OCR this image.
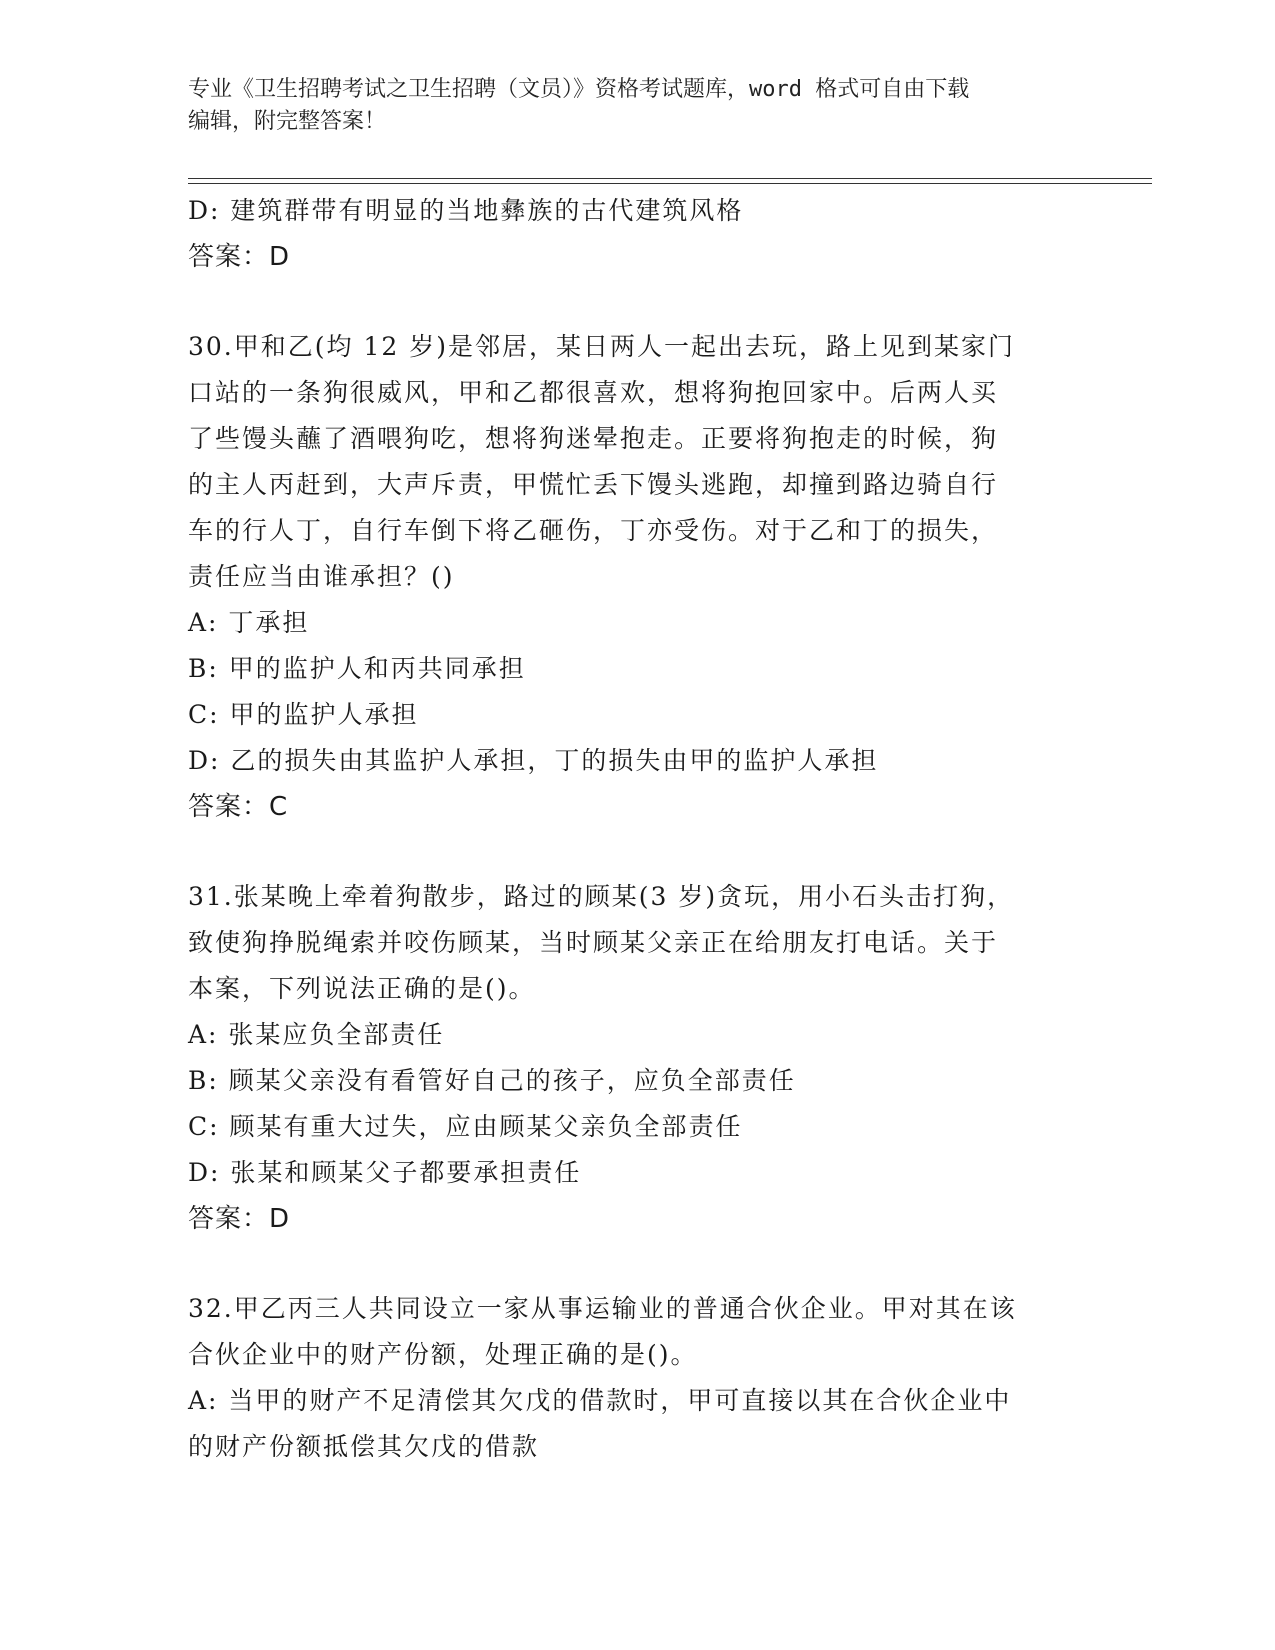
专业《卫生招聘考试之卫生招聘（文员）》资格考试题库，word 格式可自由下载
编辑，附完整答案！
D: 建筑群带有明显的当地彝族的古代建筑风格
答案：D
30.甲和乙(均 12 岁)是邻居，某日两人一起出去玩，路上见到某家门
口站的一条狗很威风，甲和乙都很喜欢，想将狗抱回家中。后两人买
了些馒头蘸了酒喂狗吃，想将狗迷晕抱走。正要将狗抱走的时候，狗
的主人丙赶到，大声斥责，甲慌忙丢下馒头逃跑，却撞到路边骑自行
车的行人丁，自行车倒下将乙砸伤，丁亦受伤。对于乙和丁的损失，
责任应当由谁承担？()
A: 丁承担
B: 甲的监护人和丙共同承担
C: 甲的监护人承担
D: 乙的损失由其监护人承担，丁的损失由甲的监护人承担
答案：C
31.张某晚上牵着狗散步，路过的顾某(3 岁)贪玩，用小石头击打狗，
致使狗挣脱绳索并咬伤顾某，当时顾某父亲正在给朋友打电话。关于
本案，下列说法正确的是()。
A: 张某应负全部责任
B: 顾某父亲没有看管好自己的孩子，应负全部责任
C: 顾某有重大过失，应由顾某父亲负全部责任
D: 张某和顾某父子都要承担责任
答案：D
32.甲乙丙三人共同设立一家从事运输业的普通合伙企业。甲对其在该
合伙企业中的财产份额，处理正确的是()。
A: 当甲的财产不足清偿其欠戊的借款时，甲可直接以其在合伙企业中
的财产份额抵偿其欠戊的借款
